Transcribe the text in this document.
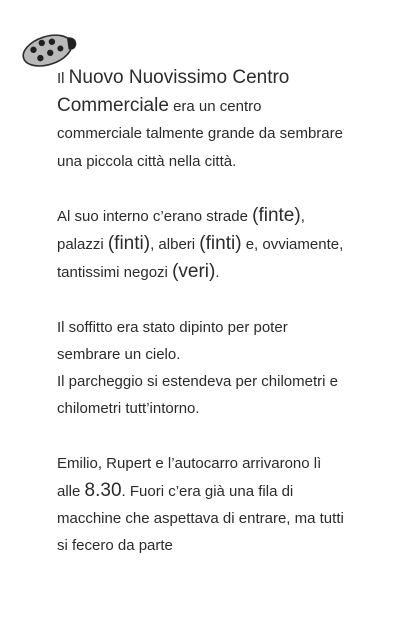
Il Nuovo Nuovissimo Centro Commerciale era un centro commerciale talmente grande da sembrare una piccola città nella città.

Al suo interno c’erano strade (finte), palazzi (finti), alberi (finti) e, ovviamente, tantissimi negozi (veri).

Il soffitto era stato dipinto per poter sembrare un cielo.
Il parcheggio si estendeva per chilometri e chilometri tutt’intorno.

Emilio, Rupert e l’autocarro arrivarono lì alle 8.30. Fuori c’era già una fila di macchine che aspettava di entrare, ma tutti si fecero da parte
